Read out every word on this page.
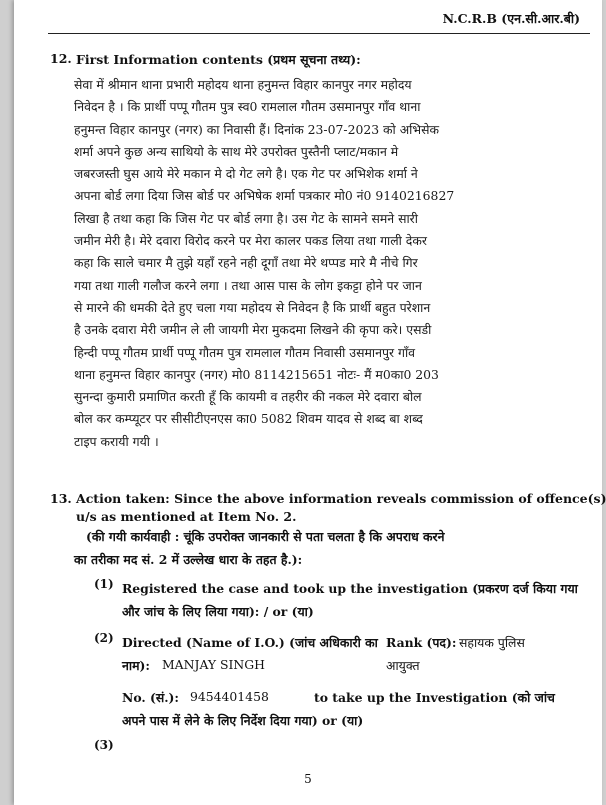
N.C.R.B (एन.सी.आर.बी)
12. First Information contents (प्रथम सूचना तथ्य):
सेवा में श्रीमान थाना प्रभारी महोदय थाना हनुमन्त विहार कानपुर नगर महोदय
निवेदन है । कि प्रार्थी पप्पू गौतम पुत्र स्व0 रामलाल गौतम उसमानपुर गाँव थाना
हनुमन्त विहार कानपुर (नगर) का निवासी हैं। दिनांक 23-07-2023 को अभिसेक
शर्मा अपने कुछ अन्य साथियो के साथ मेरे उपरोक्त पुस्तैनी प्लाट/मकान मे
जबरजस्ती घुस आये मेरे मकान मे दो गेट लगे है। एक गेट पर अभिशेक शर्मा ने
अपना बोर्ड लगा दिया जिस बोर्ड पर अभिषेक शर्मा पत्रकार मो0 नं0 9140216827
लिखा है तथा कहा कि जिस गेट पर बोर्ड लगा है। उस गेट के सामने समने सारी
जमीन मेरी है। मेरे दवारा विरोद करने पर मेरा कालर पकड लिया तथा गाली देकर
कहा कि साले चमार मै तुझे यहाँ रहने नही दूगाँ तथा मेरे थप्पड मारे मै नीचे गिर
गया तथा गाली गलौज करने लगा । तथा आस पास के लोग इकट्टा होने पर जान
से मारने की धमकी देते हुए चला गया महोदय से निवेदन है कि प्रार्थी बहुत परेशान
है उनके दवारा मेरी जमीन ले ली जायगी मेरा मुकदमा लिखने की कृपा करे। एसडी
हिन्दी पप्पू गौतम प्रार्थी पप्पू गौतम पुत्र रामलाल गौतम निवासी उसमानपुर गाँव
थाना हनुमन्त विहार कानपुर (नगर) मो0 8114215651 नोटः- मैं म0का0 203
सुनन्दा कुमारी प्रमाणित करती हूँ कि कायमी व तहरीर की नकल मेरे दवारा बोल
बोल कर कम्प्यूटर पर सीसीटीएनएस का0 5082 शिवम यादव से शब्द बा शब्द
टाइप करायी गयी ।
13. Action taken: Since the above information reveals commission of offence(s)
u/s as mentioned at Item No. 2.
(की गयी कार्यवाही : चूंकि उपरोक्त जानकारी से पता चलता है कि अपराध करने
का तरीका मद सं. 2 में उल्लेख धारा के तहत है.):
(1) Registered the case and took up the investigation (प्रकरण दर्ज किया गया
और जांच के लिए लिया गया): / or (या)
(2) Directed (Name of I.O.) (जांच अधिकारी का
नाम): MANJAY SINGH
Rank (पद): सहायक पुलिस
आयुक्त
No. (सं.): 9454401458	to take up the Investigation (को जांच
अपने पास में लेने के लिए निर्देश दिया गया) or (या)
(3)
5
